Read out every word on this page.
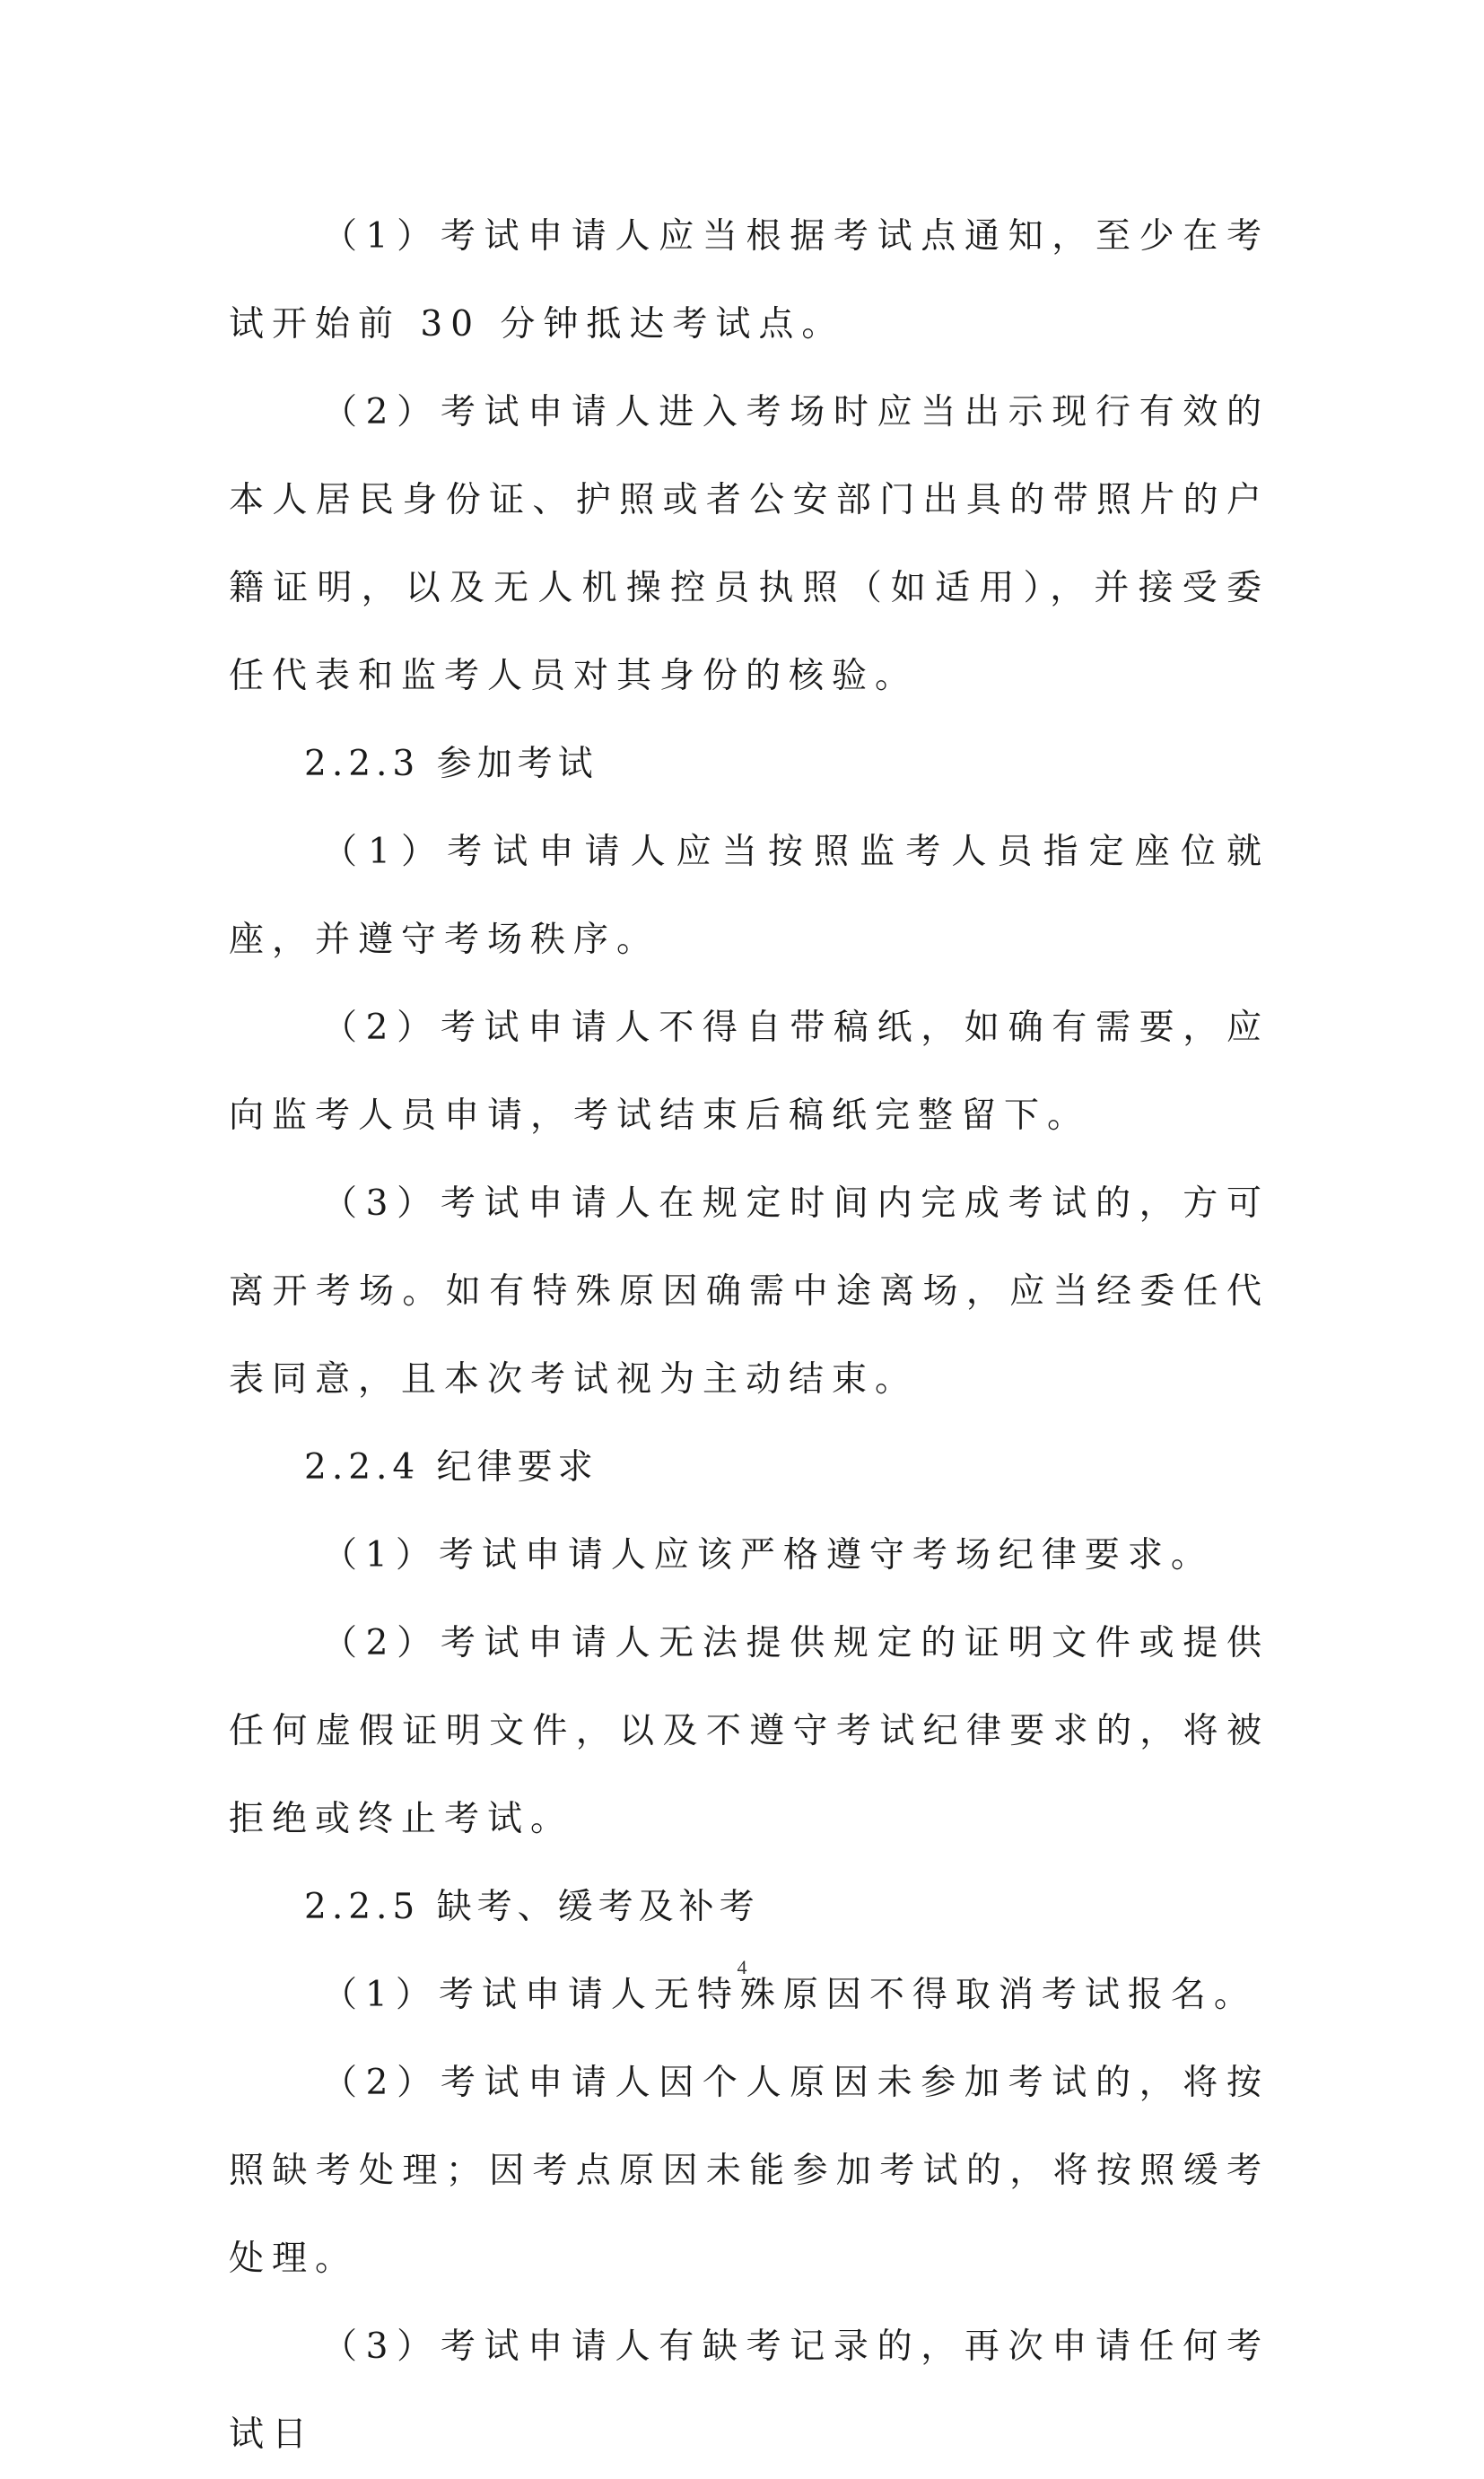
（1）考试申请人应当根据考试点通知，至少在考试开始前 30 分钟抵达考试点。

（2）考试申请人进入考场时应当出示现行有效的本人居民身份证、护照或者公安部门出具的带照片的户籍证明，以及无人机操控员执照（如适用），并接受委任代表和监考人员对其身份的核验。

2.2.3 参加考试

（1）考试申请人应当按照监考人员指定座位就座，并遵守考场秩序。

（2）考试申请人不得自带稿纸，如确有需要，应向监考人员申请，考试结束后稿纸完整留下。

（3）考试申请人在规定时间内完成考试的，方可离开考场。如有特殊原因确需中途离场，应当经委任代表同意，且本次考试视为主动结束。

2.2.4 纪律要求

（1）考试申请人应该严格遵守考场纪律要求。

（2）考试申请人无法提供规定的证明文件或提供任何虚假证明文件，以及不遵守考试纪律要求的，将被拒绝或终止考试。

2.2.5 缺考、缓考及补考

（1）考试申请人无特殊原因不得取消考试报名。

（2）考试申请人因个人原因未参加考试的，将按照缺考处理；因考点原因未能参加考试的，将按照缓考处理。

（3）考试申请人有缺考记录的，再次申请任何考试日

4
